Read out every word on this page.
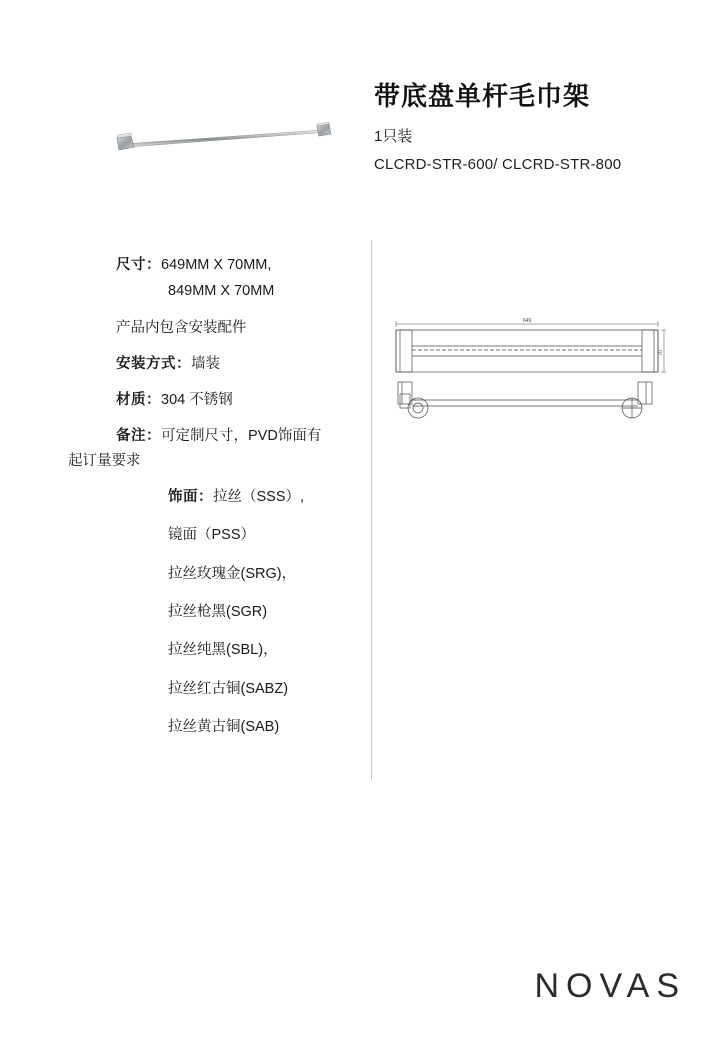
带底盘单杆毛巾架

1只装

CLCRD-STR-600/ CLCRD-STR-800

尺寸：649MM X 70MM,
849MM X 70MM
产品内包含安装配件
安装方式：墙装
材质：304 不锈钢
备注：可定制尺寸，PVD饰面有
起订量要求
饰面：拉丝（SSS）,
镜面（PSS）
拉丝玫瑰金(SRG)，
拉丝枪黑(SGR)
拉丝纯黑(SBL)，
拉丝红古铜(SABZ)
拉丝黄古铜(SAB)
649
70
NOVAS
